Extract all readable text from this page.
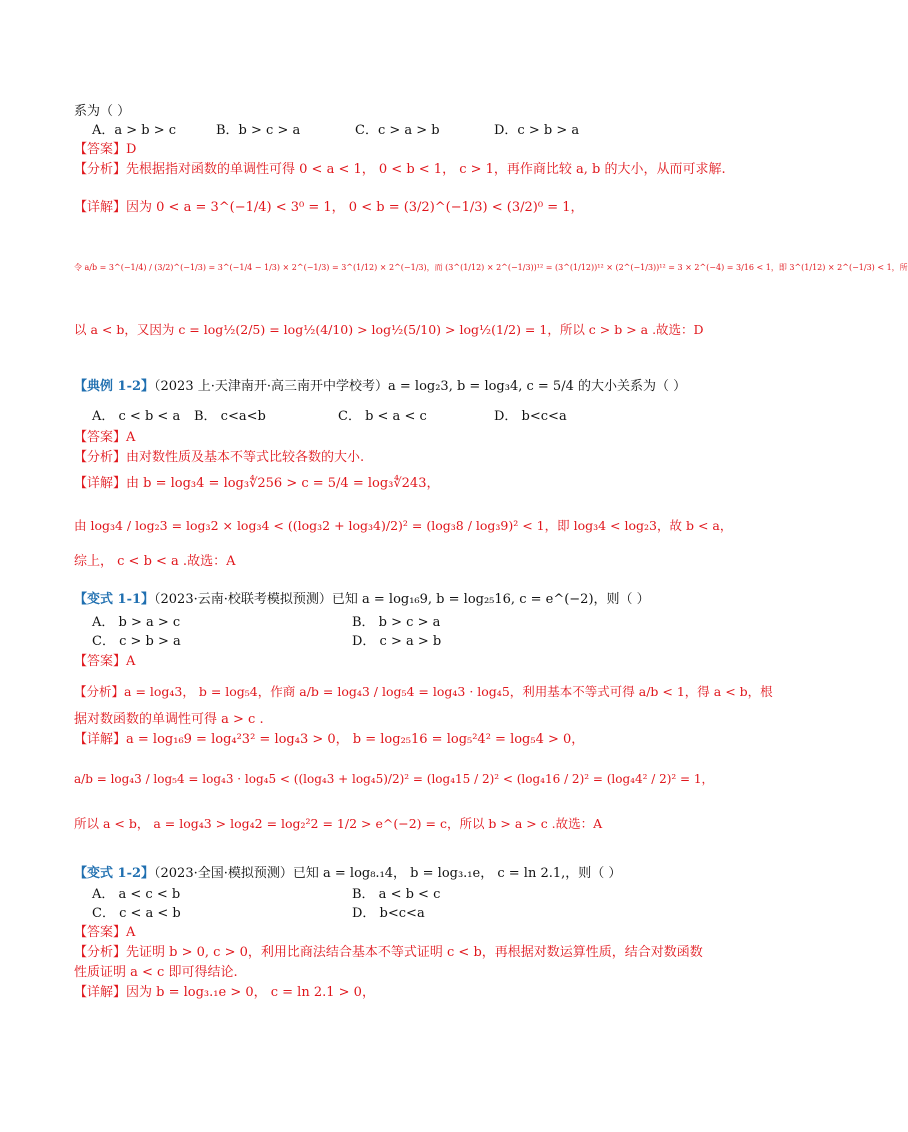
系为（ ）
A．a > b > c	B．b > c > a	C．c > a > b	D．c > b > a
【答案】D
【分析】先根据指对函数的单调性可得 0 < a < 1， 0 < b < 1， c > 1，再作商比较 a, b 的大小，从而可求解.
【详解】因为 0 < a = 3^(−1/4) < 3⁰ = 1， 0 < b = (3/2)^(−1/3) < (3/2)⁰ = 1，
令 a/b = 3^(−1/4) / (3/2)^(−1/3) = 3^(−1/4 − 1/3) × 2^(−1/3) = 3^(1/12) × 2^(−1/3)，而 (3^(1/12) × 2^(−1/3))¹² = (3^(1/12))¹² × (2^(−1/3))¹² = 3 × 2^(−4) = 3/16 < 1，即 3^(1/12) × 2^(−1/3) < 1，所
以 a < b，又因为 c = log½(2/5) = log½(4/10) > log½(5/10) > log½(1/2) = 1，所以 c > b > a .故选：D
【典例 1-2】（2023 上·天津南开·高三南开中学校考）a = log₂3, b = log₃4, c = 5/4 的大小关系为（ ）
A． c < b < a B． c<a<b	C． b < a < c	D． b<c<a
【答案】A
【分析】由对数性质及基本不等式比较各数的大小.
【详解】由 b = log₃4 = log₃∜256 > c = 5/4 = log₃∜243，
由 log₃4 / log₂3 = log₃2 × log₃4 < ((log₃2 + log₃4)/2)² = (log₃8 / log₃9)² < 1，即 log₃4 < log₂3，故 b < a，
综上， c < b < a .故选：A
【变式 1-1】（2023·云南·校联考模拟预测）已知 a = log₁₆9, b = log₂₅16, c = e^(−2)，则（ ）
A． b > a > c	B． b > c > a
C． c > b > a	D． c > a > b
【答案】A
【分析】a = log₄3， b = log₅4，作商 a/b = log₄3 / log₅4 = log₄3 · log₄5，利用基本不等式可得 a/b < 1，得 a < b，根
据对数函数的单调性可得 a > c .
【详解】a = log₁₆9 = log₄²3² = log₄3 > 0， b = log₂₅16 = log₅²4² = log₅4 > 0，
a/b = log₄3 / log₅4 = log₄3 · log₄5 < ((log₄3 + log₄5)/2)² = (log₄15 / 2)² < (log₄16 / 2)² = (log₄4² / 2)² = 1，
所以 a < b， a = log₄3 > log₄2 = log₂²2 = 1/2 > e^(−2) = c，所以 b > a > c .故选：A
【变式 1-2】（2023·全国·模拟预测）已知 a = log₈.₁4， b = log₃.₁e， c = ln 2.1,，则（ ）
A． a < c < b	B． a < b < c
C． c < a < b	D． b<c<a
【答案】A
【分析】先证明 b > 0, c > 0，利用比商法结合基本不等式证明 c < b，再根据对数运算性质，结合对数函数
性质证明 a < c 即可得结论.
【详解】因为 b = log₃.₁e > 0， c = ln 2.1 > 0，
